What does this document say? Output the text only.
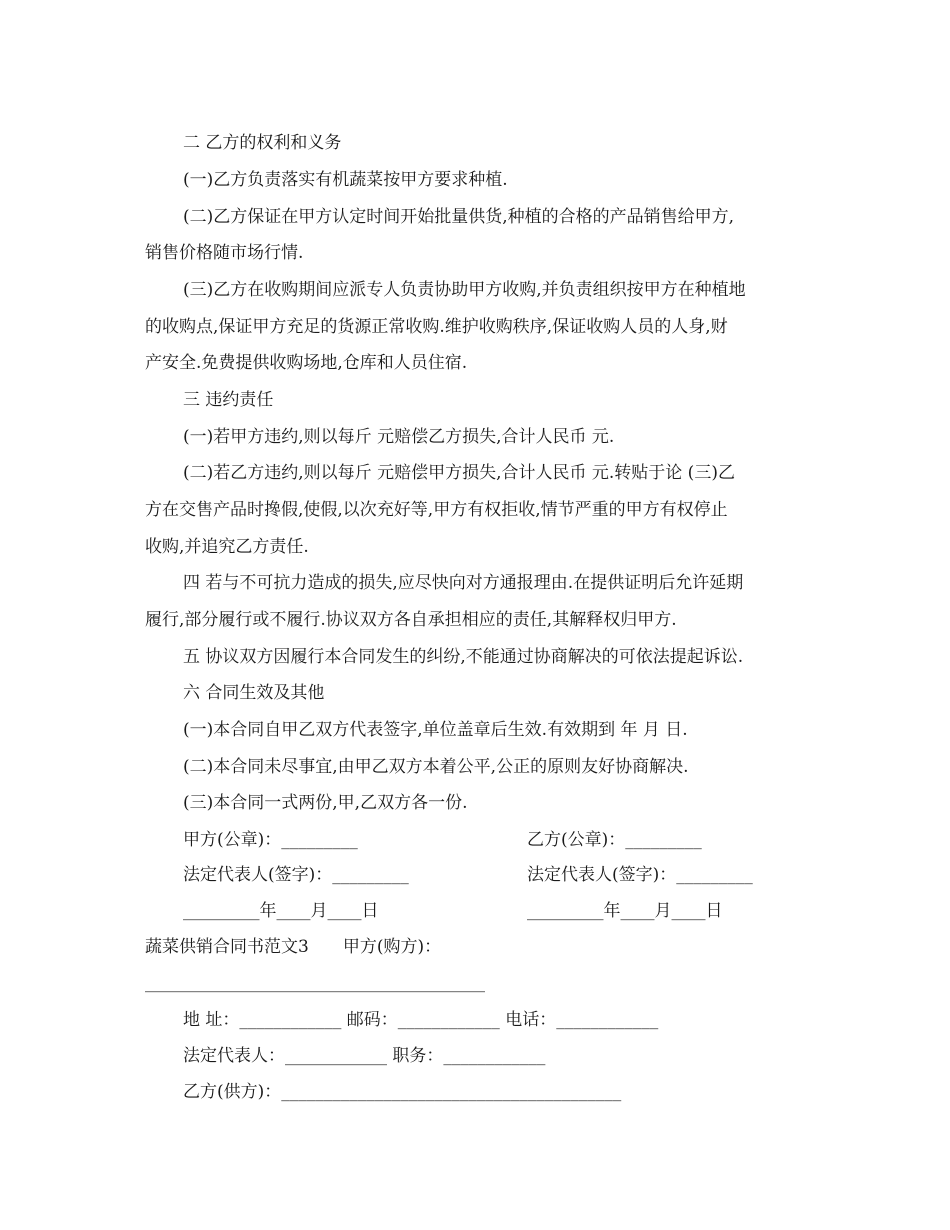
二 乙方的权利和义务
(一)乙方负责落实有机蔬菜按甲方要求种植.
(二)乙方保证在甲方认定时间开始批量供货,种植的合格的产品销售给甲方,
销售价格随市场行情.
(三)乙方在收购期间应派专人负责协助甲方收购,并负责组织按甲方在种植地
的收购点,保证甲方充足的货源正常收购.维护收购秩序,保证收购人员的人身,财
产安全.免费提供收购场地,仓库和人员住宿.
三 违约责任
(一)若甲方违约,则以每斤 元赔偿乙方损失,合计人民币 元.
(二)若乙方违约,则以每斤 元赔偿甲方损失,合计人民币 元.转贴于论 (三)乙
方在交售产品时搀假,使假,以次充好等,甲方有权拒收,情节严重的甲方有权停止
收购,并追究乙方责任.
四 若与不可抗力造成的损失,应尽快向对方通报理由.在提供证明后允许延期
履行,部分履行或不履行.协议双方各自承担相应的责任,其解释权归甲方.
五 协议双方因履行本合同发生的纠纷,不能通过协商解决的可依法提起诉讼.
六 合同生效及其他
(一)本合同自甲乙双方代表签字,单位盖章后生效.有效期到 年 月 日.
(二)本合同未尽事宜,由甲乙双方本着公平,公正的原则友好协商解决.
(三)本合同一式两份,甲,乙双方各一份.
甲方(公章)：_________	乙方(公章)：_________
法定代表人(签字)：_________	法定代表人(签字)：_________
_________年____月____日	_________年____月____日
蔬菜供销合同书范文3　　甲方(购方)：
________________________________________
地 址：____________ 邮码：____________ 电话：____________
法定代表人：____________ 职务：____________
乙方(供方)：________________________________________
